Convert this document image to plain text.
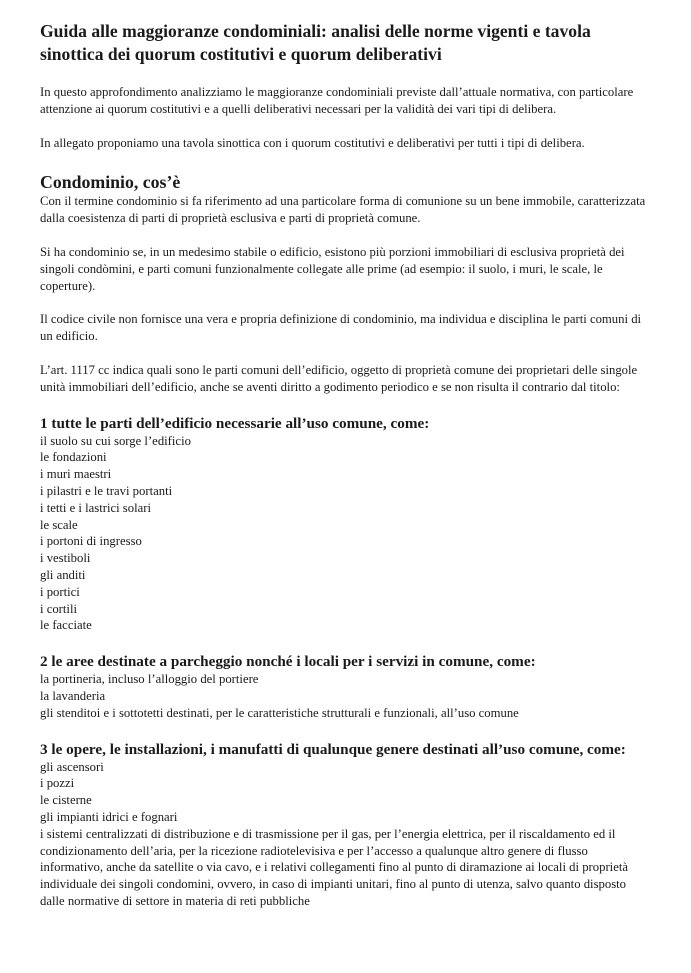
Guida alle maggioranze condominiali: analisi delle norme vigenti e tavola sinottica dei quorum costitutivi e quorum deliberativi

In questo approfondimento analizziamo le maggioranze condominiali previste dall’attuale normativa, con particolare attenzione ai quorum costitutivi e a quelli deliberativi necessari per la validità dei vari tipi di delibera.

In allegato proponiamo una tavola sinottica con i quorum costitutivi e deliberativi per tutti i tipi di delibera.

Condominio, cos’è

Con il termine condominio si fa riferimento ad una particolare forma di comunione su un bene immobile, caratterizzata dalla coesistenza di parti di proprietà esclusiva e parti di proprietà comune.

Si ha condominio se, in un medesimo stabile o edificio, esistono più porzioni immobiliari di esclusiva proprietà dei singoli condòmini, e parti comuni funzionalmente collegate alle prime (ad esempio: il suolo, i muri, le scale, le coperture).

Il codice civile non fornisce una vera e propria definizione di condominio, ma individua e disciplina le parti comuni di un edificio.

L’art. 1117 cc indica quali sono le parti comuni dell’edificio, oggetto di proprietà comune dei proprietari delle singole unità immobiliari dell’edificio, anche se aventi diritto a godimento periodico e se non risulta il contrario dal titolo:

1 tutte le parti dell’edificio necessarie all’uso comune, come:
il suolo su cui sorge l’edificio
le fondazioni
i muri maestri
i pilastri e le travi portanti
i tetti e i lastrici solari
le scale
i portoni di ingresso
i vestiboli
gli anditi
i portici
i cortili
le facciate
2 le aree destinate a parcheggio nonché i locali per i servizi in comune, come:
la portineria, incluso l’alloggio del portiere
la lavanderia
gli stenditoi e i sottotetti destinati, per le caratteristiche strutturali e funzionali, all’uso comune
3 le opere, le installazioni, i manufatti di qualunque genere destinati all’uso comune, come:
gli ascensori
i pozzi
le cisterne
gli impianti idrici e fognari
i sistemi centralizzati di distribuzione e di trasmissione per il gas, per l’energia elettrica, per il riscaldamento ed il condizionamento dell’aria, per la ricezione radiotelevisiva e per l’accesso a qualunque altro genere di flusso informativo, anche da satellite o via cavo, e i relativi collegamenti fino al punto di diramazione ai locali di proprietà individuale dei singoli condomini, ovvero, in caso di impianti unitari, fino al punto di utenza, salvo quanto disposto dalle normative di settore in materia di reti pubbliche
